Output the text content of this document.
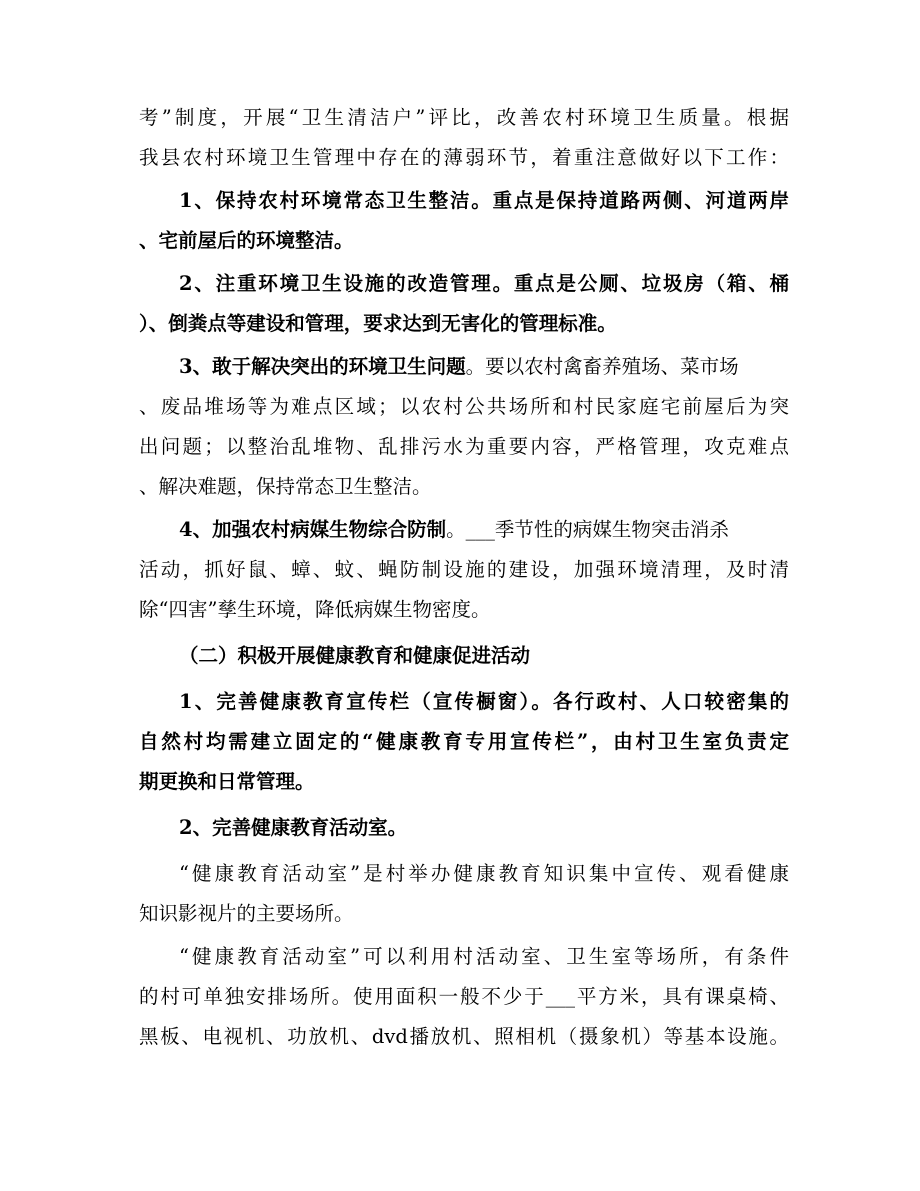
考”制度，开展“卫生清洁户”评比，改善农村环境卫生质量。根据
我县农村环境卫生管理中存在的薄弱环节，着重注意做好以下工作：
1、保持农村环境常态卫生整洁。重点是保持道路两侧、河道两岸
、宅前屋后的环境整洁。
2、注重环境卫生设施的改造管理。重点是公厕、垃圾房（箱、桶
）、倒粪点等建设和管理，要求达到无害化的管理标准。
3、敢于解决突出的环境卫生问题。要以农村禽畜养殖场、菜市场
、废品堆场等为难点区域；以农村公共场所和村民家庭宅前屋后为突
出问题；以整治乱堆物、乱排污水为重要内容，严格管理，攻克难点
、解决难题，保持常态卫生整洁。
4、加强农村病媒生物综合防制。___季节性的病媒生物突击消杀
活动，抓好鼠、蟑、蚊、蝇防制设施的建设，加强环境清理，及时清
除“四害”孳生环境，降低病媒生物密度。
（二）积极开展健康教育和健康促进活动
1、完善健康教育宣传栏（宣传橱窗）。各行政村、人口较密集的
自然村均需建立固定的“健康教育专用宣传栏”，由村卫生室负责定
期更换和日常管理。
2、完善健康教育活动室。
“健康教育活动室”是村举办健康教育知识集中宣传、观看健康
知识影视片的主要场所。
“健康教育活动室”可以利用村活动室、卫生室等场所，有条件
的村可单独安排场所。使用面积一般不少于___平方米，具有课桌椅、
黑板、电视机、功放机、dvd播放机、照相机（摄象机）等基本设施。
